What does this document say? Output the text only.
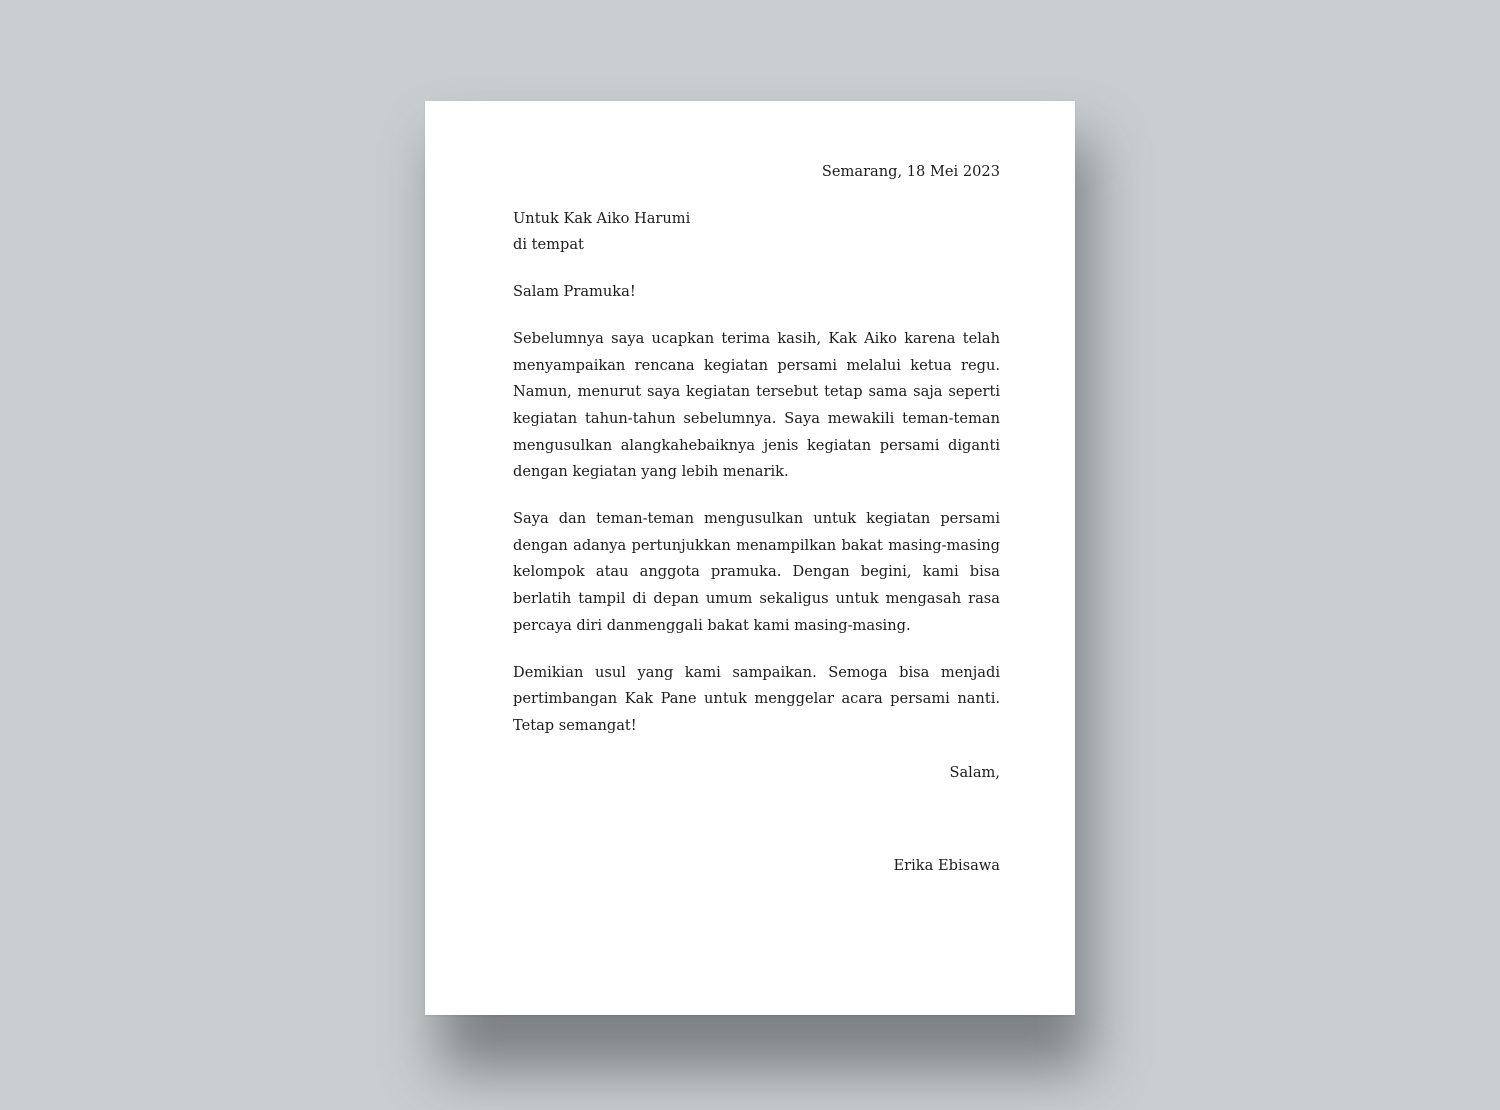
Semarang, 18 Mei 2023

Untuk Kak Aiko Harumi
di tempat

Salam Pramuka!

Sebelumnya saya ucapkan terima kasih, Kak Aiko karena telah menyampaikan rencana kegiatan persami melalui ketua regu. Namun, menurut saya kegiatan tersebut tetap sama saja seperti kegiatan tahun-tahun sebelumnya. Saya mewakili teman-teman mengusulkan alangkahebaiknya jenis kegiatan persami diganti dengan kegiatan yang lebih menarik.

Saya dan teman-teman mengusulkan untuk kegiatan persami dengan adanya pertunjukkan menampilkan bakat masing-masing kelompok atau anggota pramuka. Dengan begini, kami bisa berlatih tampil di depan umum sekaligus untuk mengasah rasa percaya diri danmenggali bakat kami masing-masing.

Demikian usul yang kami sampaikan. Semoga bisa menjadi pertimbangan Kak Pane untuk menggelar acara persami nanti. Tetap semangat!

Salam,

Erika Ebisawa
